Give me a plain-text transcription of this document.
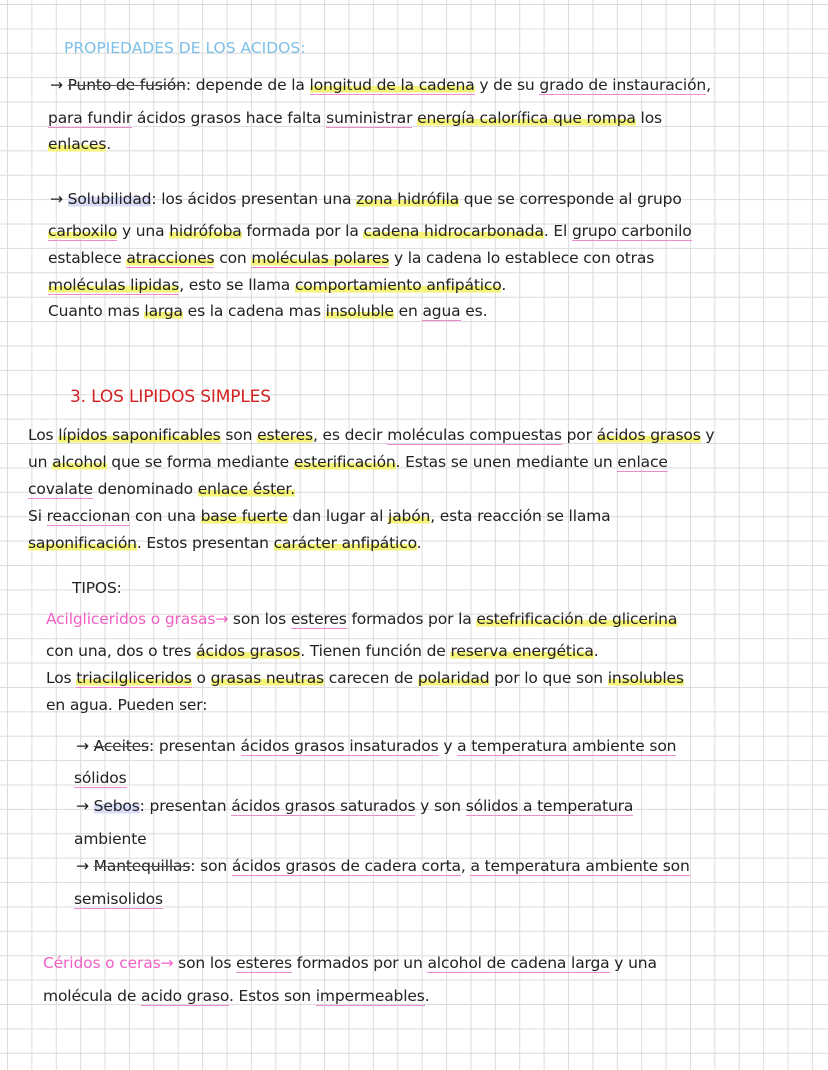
PROPIEDADES DE LOS ACIDOS:
→ Punto de fusión: depende de la longitud de la cadena y de su grado de instauración,
para fundir ácidos grasos hace falta suministrar energía calorífica que rompa los
enlaces.
→ Solubilidad: los ácidos presentan una zona hidrófila que se corresponde al grupo
carboxilo y una hidrófoba formada por la cadena hidrocarbonada. El grupo carbonilo
establece atracciones con moléculas polares y la cadena lo establece con otras
moléculas lipidas, esto se llama comportamiento anfipático.
Cuanto mas larga es la cadena mas insoluble en agua es.
3. LOS LIPIDOS SIMPLES
Los lípidos saponificables son esteres, es decir moléculas compuestas por ácidos grasos y
un alcohol que se forma mediante esterificación. Estas se unen mediante un enlace
covalate denominado enlace éster.
Si reaccionan con una base fuerte dan lugar al jabón, esta reacción se llama
saponificación. Estos presentan carácter anfipático.
TIPOS:
Acilgliceridos o grasas→ son los esteres formados por la estefrificación de glicerina
con una, dos o tres ácidos grasos. Tienen función de reserva energética.
Los triacilgliceridos o grasas neutras carecen de polaridad por lo que son insolubles
en agua. Pueden ser:
→ Aceites: presentan ácidos grasos insaturados y a temperatura ambiente son
sólidos
→ Sebos: presentan ácidos grasos saturados y son sólidos a temperatura
ambiente
→ Mantequillas: son ácidos grasos de cadera corta, a temperatura ambiente son
semisolidos
Céridos o ceras→ son los esteres formados por un alcohol de cadena larga y una
molécula de acido graso. Estos son impermeables.
